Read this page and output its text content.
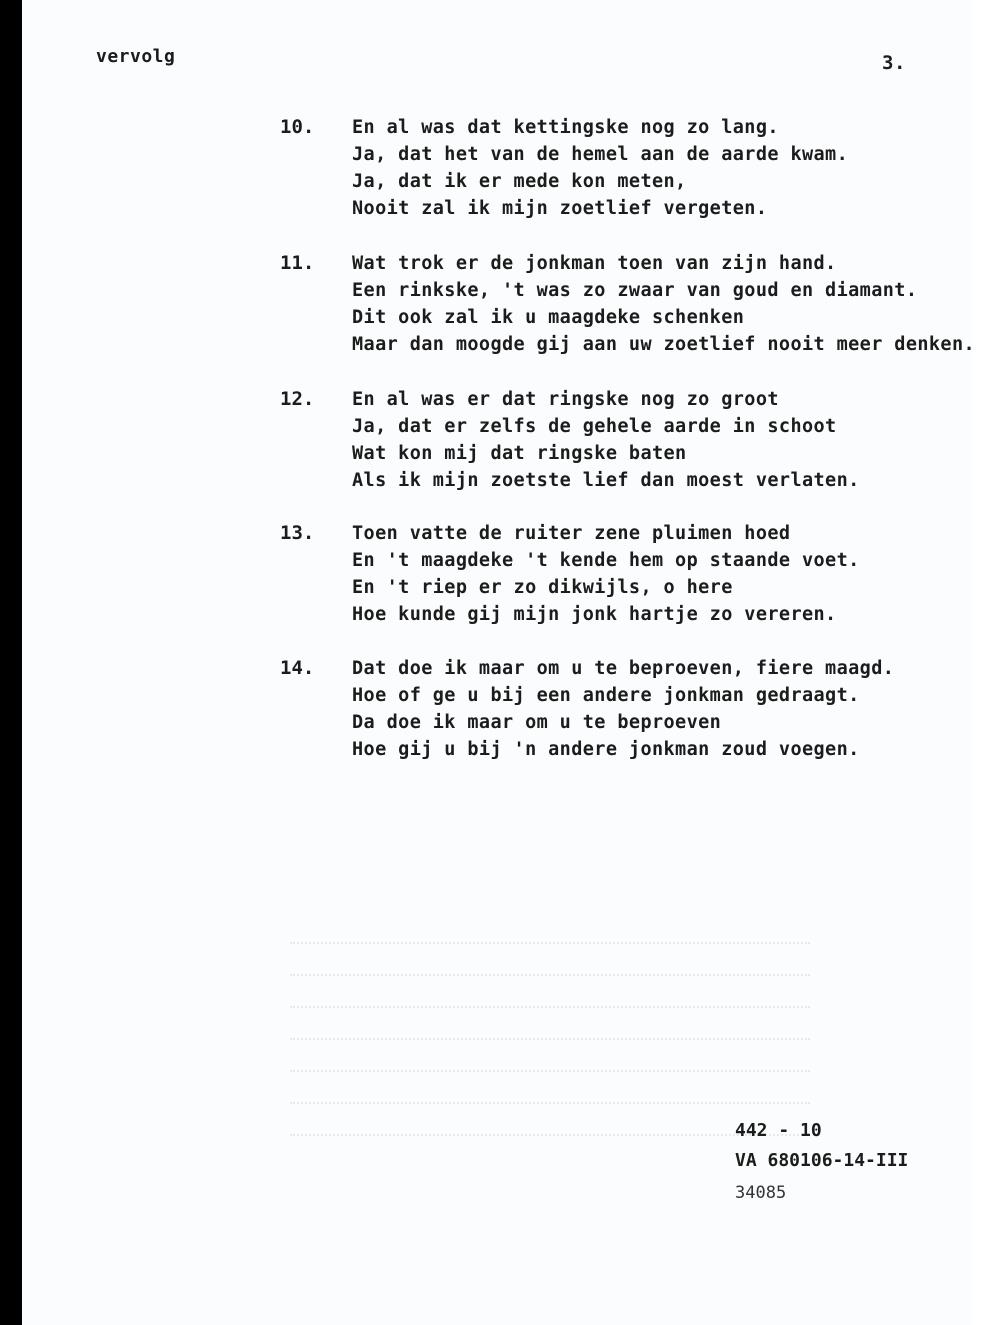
vervolg	3.
10. En al was dat kettingske nog zo lang.
Ja, dat het van de hemel aan de aarde kwam.
Ja, dat ik er mede kon meten,
Nooit zal ik mijn zoetlief vergeten.
11. Wat trok er de jonkman toen van zijn hand.
Een rinkske, 't was zo zwaar van goud en diamant.
Dit ook zal ik u maagdeke schenken
Maar dan moogde gij aan uw zoetlief nooit meer denken.
12. En al was er dat ringske nog zo groot
Ja, dat er zelfs de gehele aarde in schoot
Wat kon mij dat ringske baten
Als ik mijn zoetste lief dan moest verlaten.
13. Toen vatte de ruiter zene pluimen hoed
En 't maagdeke 't kende hem op staande voet.
En 't riep er zo dikwijls, o here
Hoe kunde gij mijn jonk hartje zo vereren.
14. Dat doe ik maar om u te beproeven, fiere maagd.
Hoe of ge u bij een andere jonkman gedraagt.
Da doe ik maar om u te beproeven
Hoe gij u bij 'n andere jonkman zoud voegen.
442 - 10
VA 680106-14-III
34085
